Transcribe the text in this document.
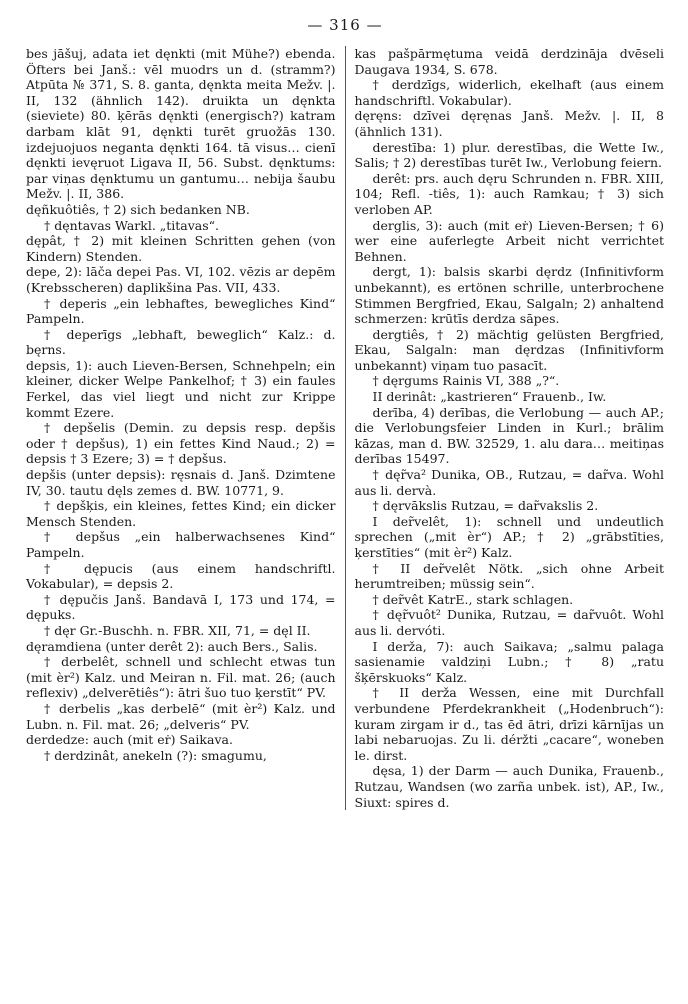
— 316 —
bes jāšuj, adata iet dęnkti (mit Mühe?) ebenda. Öfters bei Janš.: vēl muodrs un d. (stramm?) Atpūta № 371, S. 8. ganta, dęnkta meita Mežv. |. II, 132 (ähnlich 142). druikta un dęnkta (sieviete) 80. ķērās dęnkti (energisch?) katram darbam klāt 91, dęnkti turēt gruožās 130. izdejuojuos neganta dęnkti 164. tā visus… cienī dęnkti ievęruot Ligava II, 56. Subst. dęnktums: par viņas dęnktumu un gantumu… nebija šaubu Mežv. |. II, 386.
dęñkuôtiês, † 2) sich bedanken NB.
† dęntavas Warkl. „titavas“.
dępât, † 2) mit kleinen Schritten gehen (von Kindern) Stenden.
depe, 2): lāča depei Pas. VI, 102. vēzis ar depēm (Krebsscheren) daplikšina Pas. VII, 433.
† deperis „ein lebhaftes, bewegliches Kind“ Pampeln.
† deperīgs „lebhaft, beweglich“ Kalz.: d. bęrns.
depsis, 1): auch Lieven-Bersen, Schnehpeln; ein kleiner, dicker Welpe Pankelhof; † 3) ein faules Ferkel, das viel liegt und nicht zur Krippe kommt Ezere.
† depšelis (Demin. zu depsis resp. depšis oder † depšus), 1) ein fettes Kind Naud.; 2) = depsis † 3 Ezere; 3) = † depšus.
depšis (unter depsis): ręsnais d. Janš. Dzimtene IV, 30. tautu dęls zemes d. BW. 10771, 9.
† depšķis, ein kleines, fettes Kind; ein dicker Mensch Stenden.
† depšus „ein halberwachsenes Kind“ Pampeln.
† dępucis (aus einem handschriftl. Vokabular), = depsis 2.
† dępučis Janš. Bandavā I, 173 und 174, = dępuks.
† dęr Gr.-Buschh. n. FBR. XII, 71, = dęl II.
dęramdiena (unter derêt 2): auch Bers., Salis.
† derbelêt, schnell und schlecht etwas tun (mit èr²) Kalz. und Meiran n. Fil. mat. 26; (auch reflexiv) „delverētiês“): ātri šuo tuo ķerstīt“ PV.
† derbelis „kas derbelē“ (mit èr²) Kalz. und Lubn. n. Fil. mat. 26; „delveris“ PV.
derdedze: auch (mit eṙ) Saikava.
† derdzinât, anekeln (?): smagumu,
kas pašpārmętuma veidā derdzināja dvēseli Daugava 1934, S. 678.
† derdzīgs, widerlich, ekelhaft (aus einem handschriftl. Vokabular).
dęręns: dzīvei dęręnas Janš. Mežv. |. II, 8 (ähnlich 131).
derestība: 1) plur. derestības, die Wette Iw., Salis; † 2) derestības turēt Iw., Verlobung feiern.
derêt: prs. auch dęru Schrunden n. FBR. XIII, 104; Refl. -tiês, 1): auch Ramkau; † 3) sich verloben AP.
derglis, 3): auch (mit eṙ) Lieven-Bersen; † 6) wer eine auferlegte Arbeit nicht verrichtet Behnen.
dergt, 1): balsis skarbi dęrdz (Infinitivform unbekannt), es ertönen schrille, unterbrochene Stimmen Bergfried, Ekau, Salgaln; 2) anhaltend schmerzen: krūtīs derdza sāpes.
dergtiês, † 2) mächtig gelüsten Bergfried, Ekau, Salgaln: man dęrdzas (Infinitivform unbekannt) viņam tuo pasacīt.
† dęrgums Rainis VI, 388 „?“.
II derinât: „kastrieren“ Frauenb., Iw.
derība, 4) derības, die Verlobung — auch AP.; die Verlobungsfeier Linden in Kurl.; brālim kāzas, man d. BW. 32529, 1. alu dara… meitiņas derības 15497.
† dęr̃va² Dunika, OB., Rutzau, = dar̃va. Wohl aus li. dervà.
† dęrvākslis Rutzau, = dar̃vakslis 2.
I der̃velêt, 1): schnell und undeutlich sprechen („mit èr“) AP.; † 2) „grābstīties, ķerstīties“ (mit èr²) Kalz.
† II der̃velêt Nötk. „sich ohne Arbeit herumtreiben; müssig sein“.
† der̃vêt KatrE., stark schlagen.
† dęr̃vuôt² Dunika, Rutzau, = dar̃vuôt. Wohl aus li. dervóti.
I derža, 7): auch Saikava; „salmu palaga sasienamie valdziņi Lubn.; † 8) „ratu šķērskuoks“ Kalz.
† II derža Wessen, eine mit Durchfall verbundene Pferdekrankheit („Hodenbruch“): kuram zirgam ir d., tas ēd ātri, drīzi kārnījas un labi nebaruojas. Zu li. déržti „cacare“, woneben le. dirst.
dęsa, 1) der Darm — auch Dunika, Frauenb., Rutzau, Wandsen (wo zarña unbek. ist), AP., Iw., Siuxt: spires d.
